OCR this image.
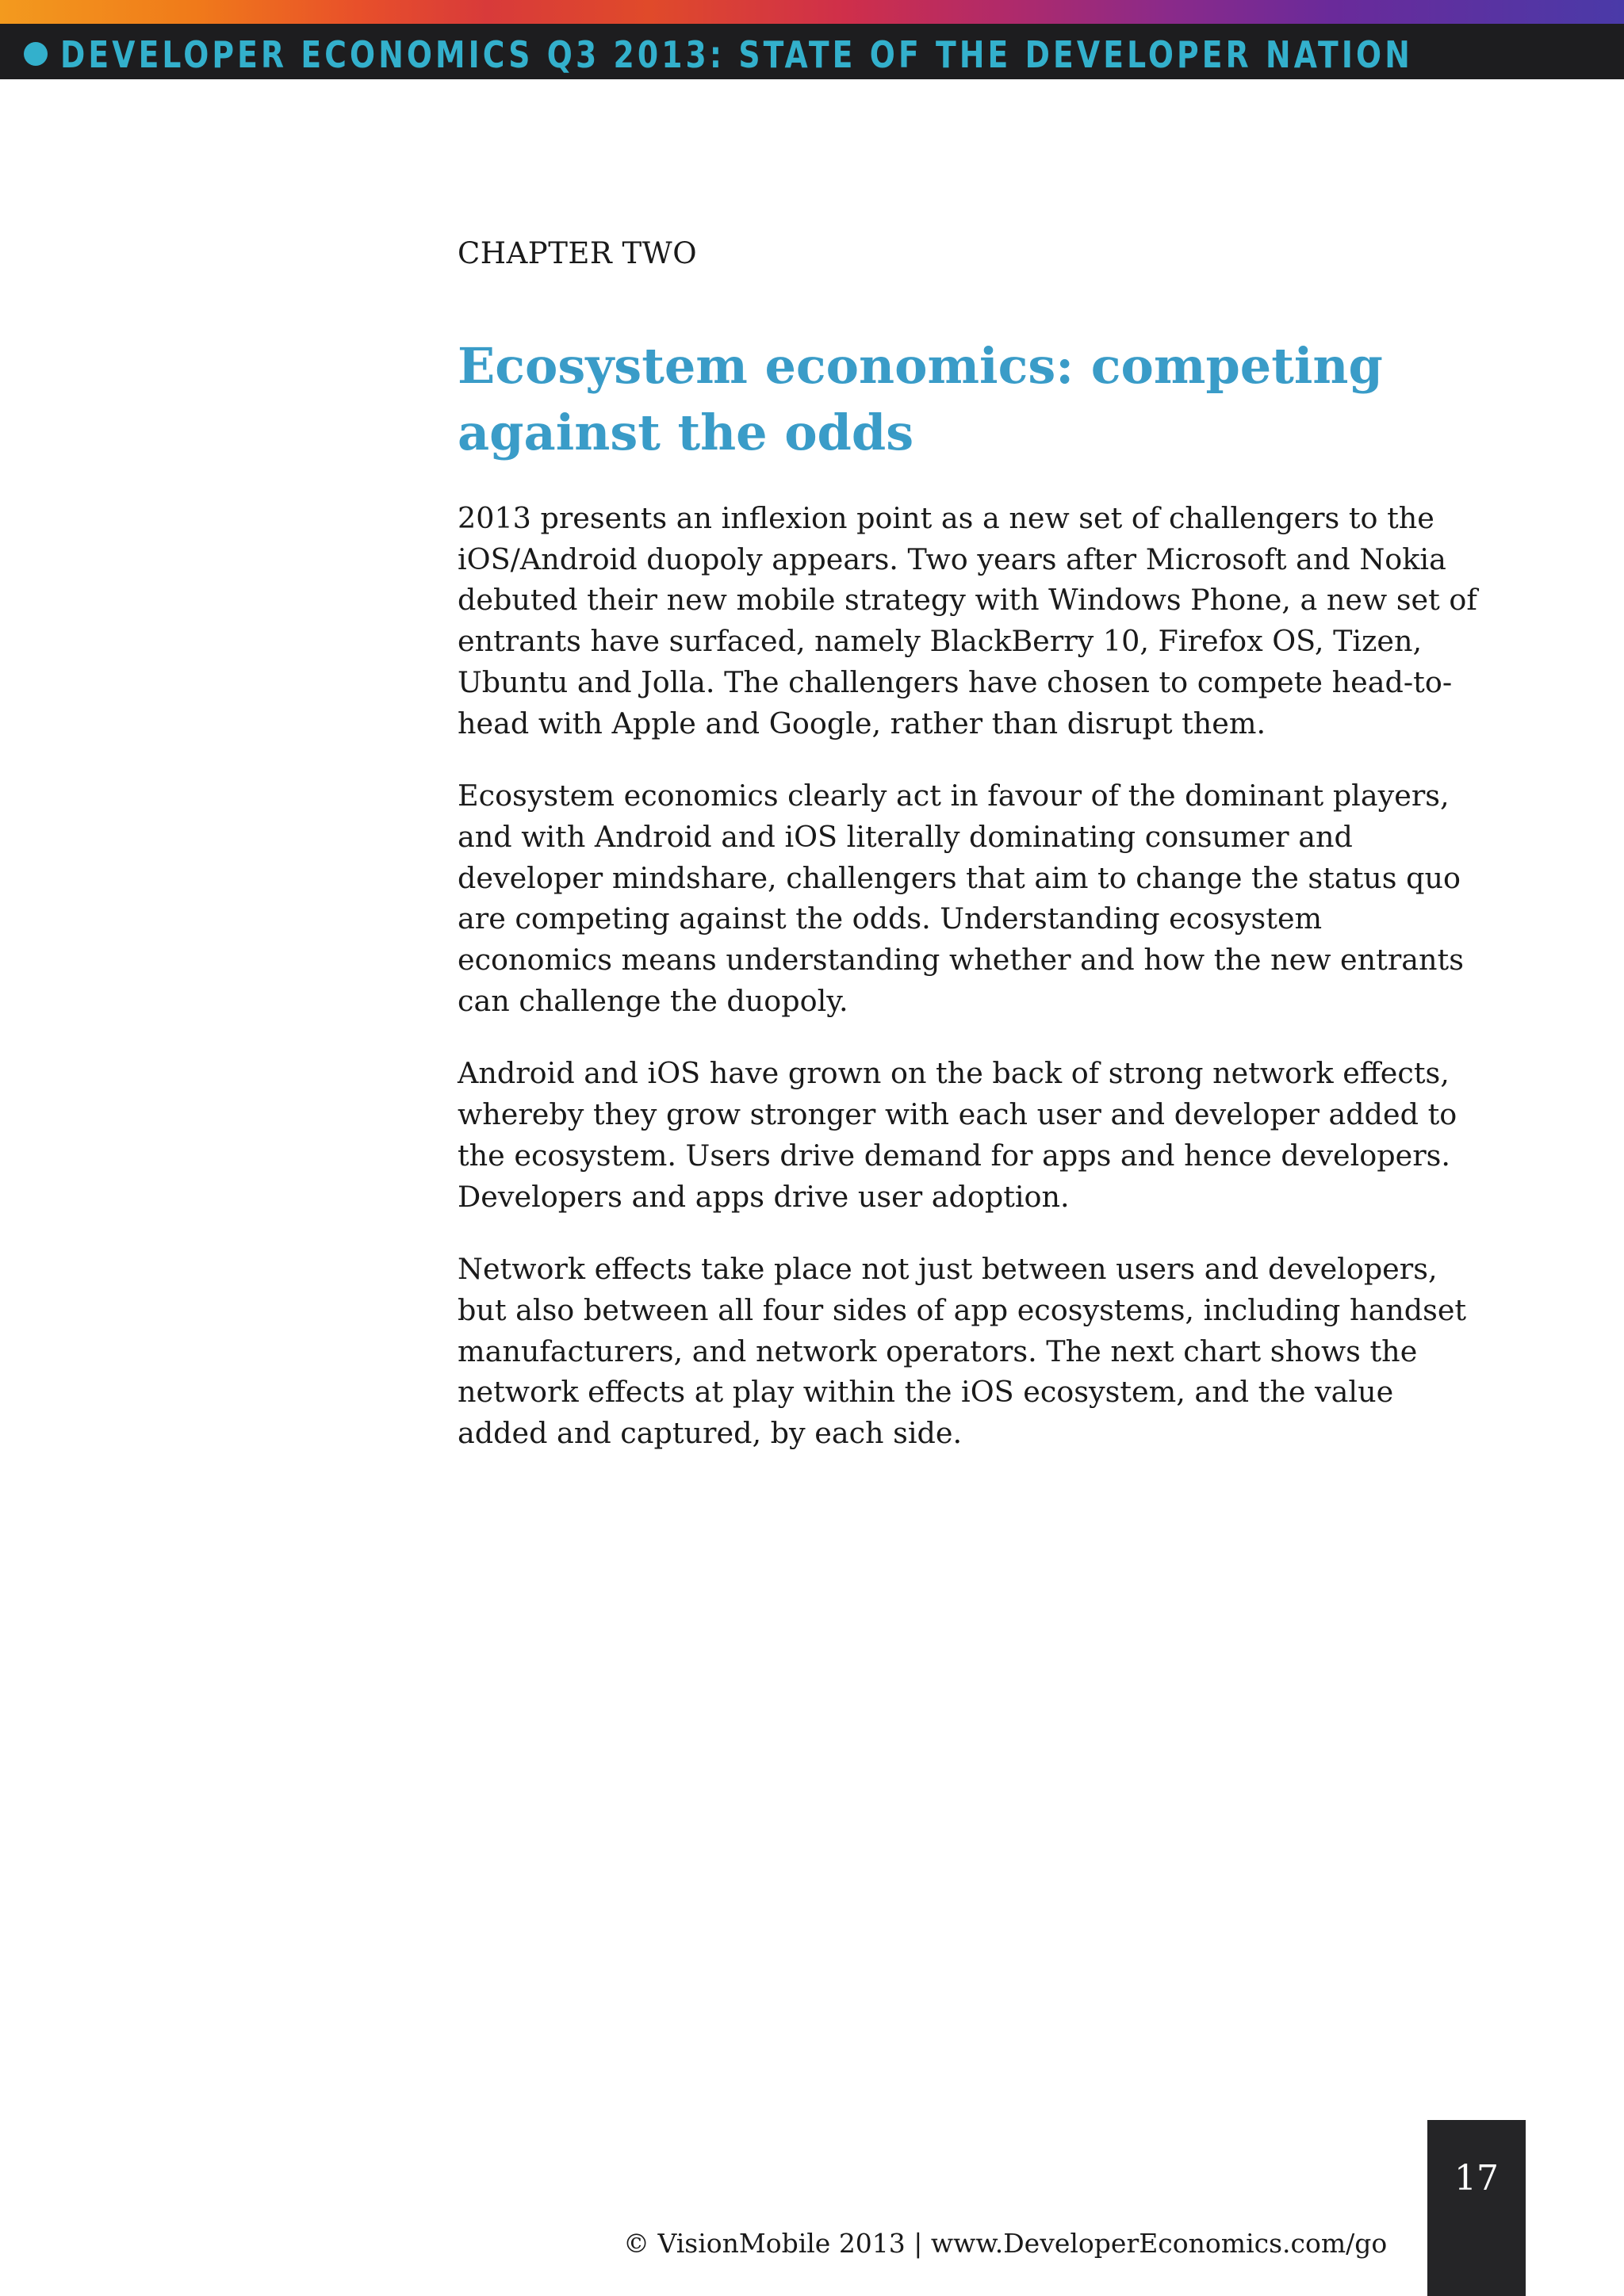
DEVELOPER ECONOMICS Q3 2013: STATE OF THE DEVELOPER NATION

CHAPTER TWO

Ecosystem economics: competing against the odds

2013 presents an inflexion point as a new set of challengers to the iOS/Android duopoly appears. Two years after Microsoft and Nokia debuted their new mobile strategy with Windows Phone, a new set of entrants have surfaced, namely BlackBerry 10, Firefox OS, Tizen, Ubuntu and Jolla. The challengers have chosen to compete head-to-head with Apple and Google, rather than disrupt them.

Ecosystem economics clearly act in favour of the dominant players, and with Android and iOS literally dominating consumer and developer mindshare, challengers that aim to change the status quo are competing against the odds. Understanding ecosystem economics means understanding whether and how the new entrants can challenge the duopoly.

Android and iOS have grown on the back of strong network effects, whereby they grow stronger with each user and developer added to the ecosystem. Users drive demand for apps and hence developers. Developers and apps drive user adoption.

Network effects take place not just between users and developers, but also between all four sides of app ecosystems, including handset manufacturers, and network operators. The next chart shows the network effects at play within the iOS ecosystem, and the value added and captured, by each side.

© VisionMobile 2013 | www.DeveloperEconomics.com/go
17
